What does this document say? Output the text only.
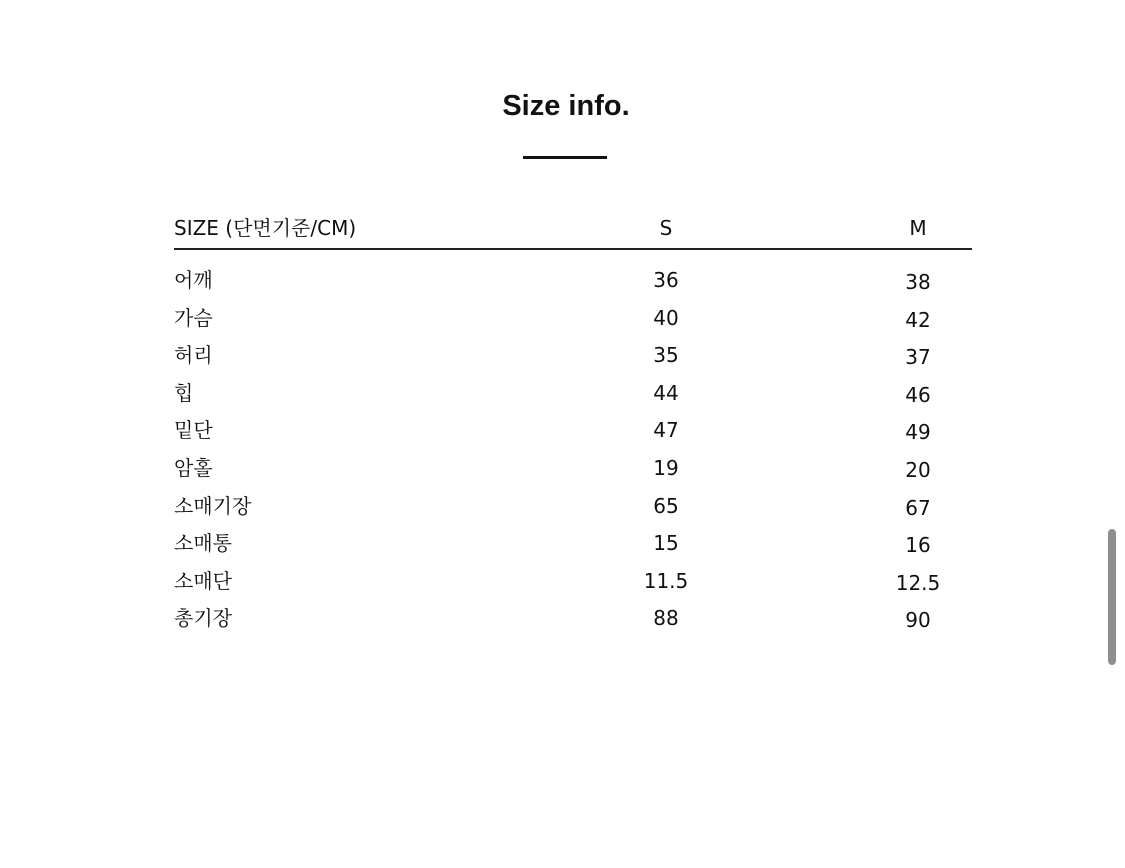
Size info.
SIZE (단면기준/CM)	S	M
어깨	36	38
가슴	40	42
허리	35	37
힙	44	46
밑단	47	49
암홀	19	20
소매기장	65	67
소매통	15	16
소매단	11.5	12.5
총기장	88	90
